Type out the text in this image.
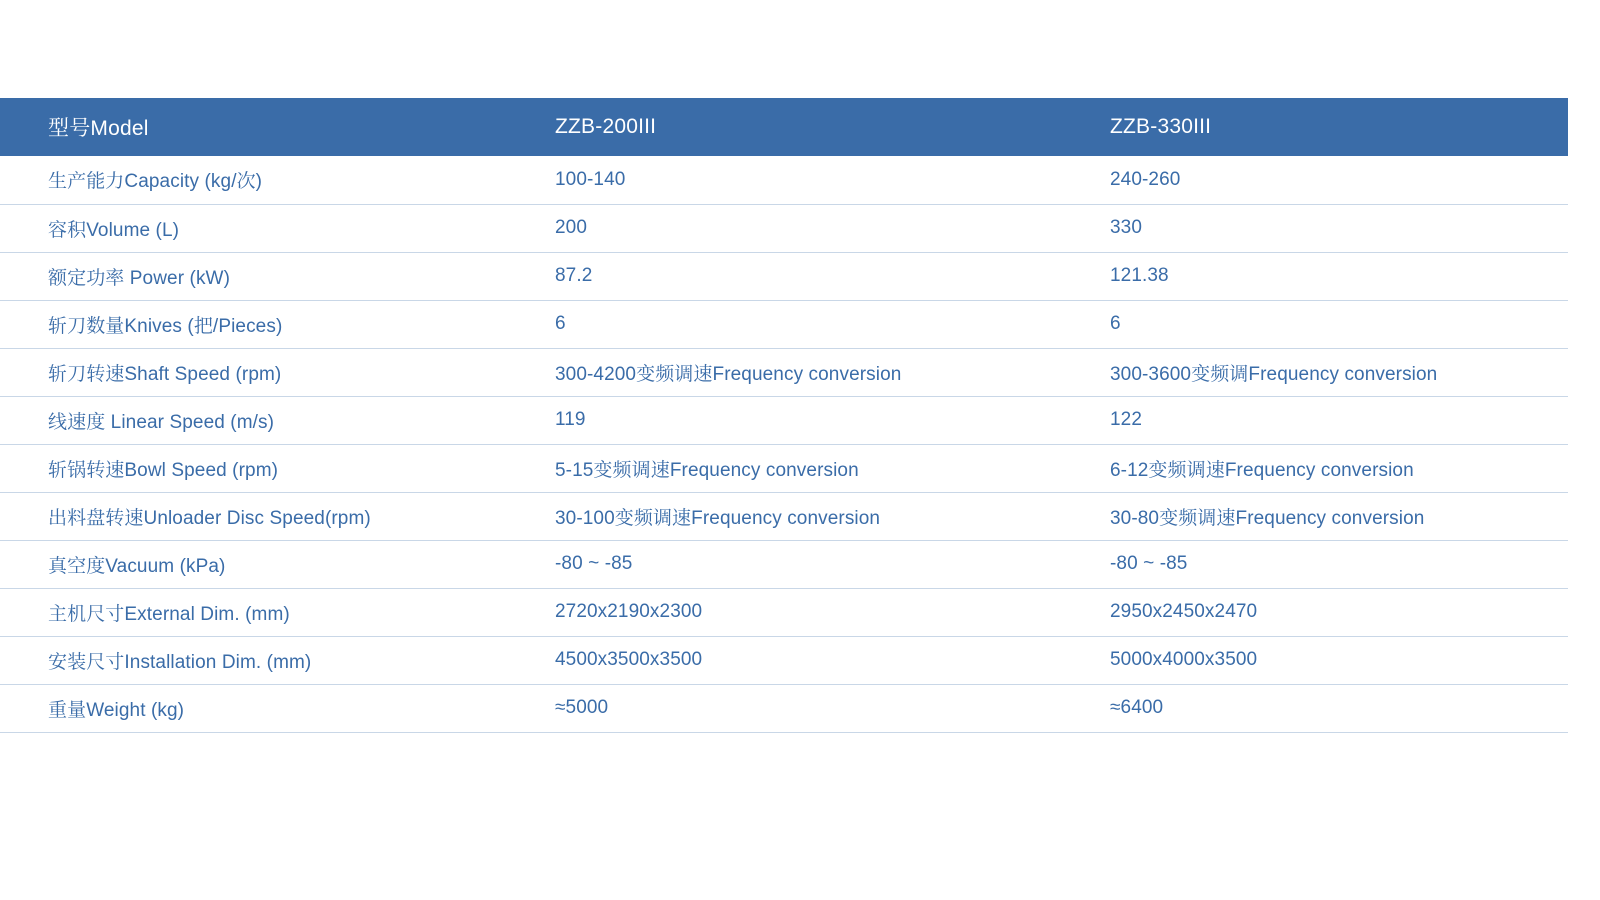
型号Model	ZZB-200III	ZZB-330III
生产能力Capacity (kg/次)	100-140	240-260
容积Volume (L)	200	330
额定功率 Power (kW)	87.2	121.38
斩刀数量Knives (把/Pieces)	6	6
斩刀转速Shaft Speed (rpm)	300-4200变频调速Frequency conversion	300-3600变频调Frequency conversion
线速度 Linear Speed (m/s)	119	122
斩锅转速Bowl Speed (rpm)	5-15变频调速Frequency conversion	6-12变频调速Frequency conversion
出料盘转速Unloader Disc Speed(rpm)	30-100变频调速Frequency conversion	30-80变频调速Frequency conversion
真空度Vacuum (kPa)	-80 ~ -85	-80 ~ -85
主机尺寸External Dim. (mm)	2720x2190x2300	2950x2450x2470
安装尺寸Installation Dim. (mm)	4500x3500x3500	5000x4000x3500
重量Weight (kg)	≈5000	≈6400
